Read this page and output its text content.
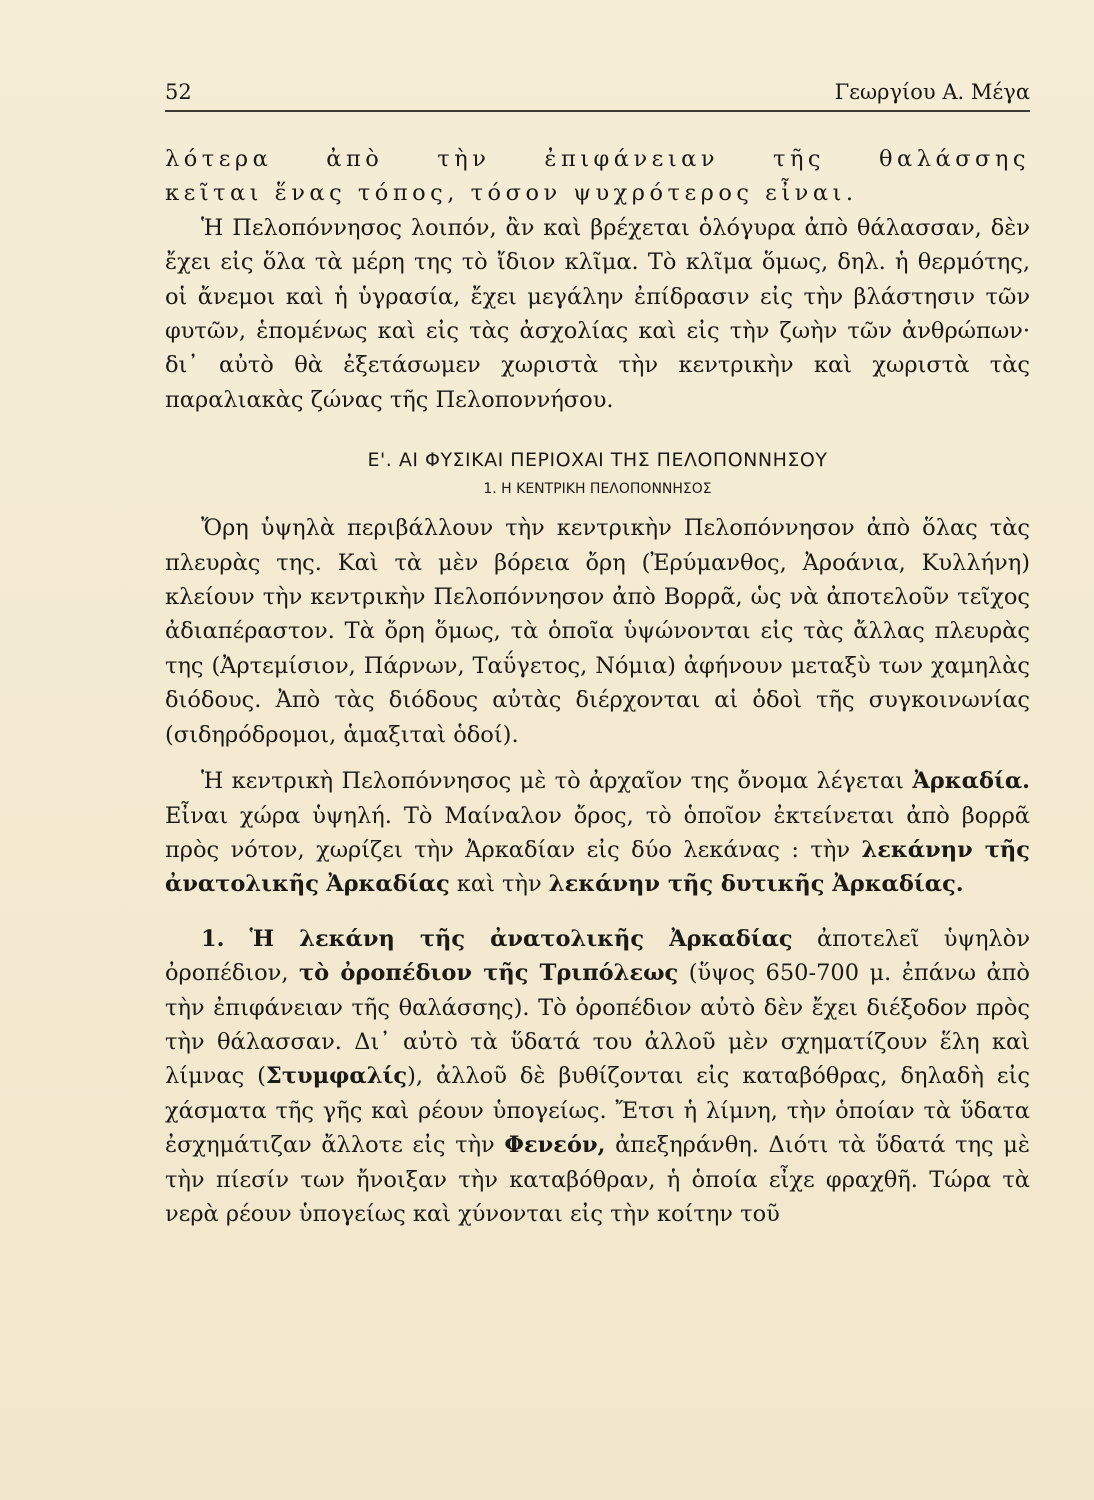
52	Γεωργίου Α. Μέγα

λότερα ἀπὸ τὴν ἐπιφάνειαν τῆς θαλάσσης

κεῖται ἕνας τόπος, τόσον ψυχρότερος εἶναι.

Ἡ Πελοπόννησος λοιπόν, ἂν καὶ βρέχεται ὁλόγυρα ἀπὸ θάλασσαν, δὲν ἔχει εἰς ὅλα τὰ μέρη της τὸ ἴδιον κλῖμα. Τὸ κλῖμα ὅμως, δηλ. ἡ θερμότης, οἱ ἄνεμοι καὶ ἡ ὑγρασία, ἔχει μεγάλην ἐπίδρασιν εἰς τὴν βλάστησιν τῶν φυτῶν, ἑπομένως καὶ εἰς τὰς ἀσχολίας καὶ εἰς τὴν ζωὴν τῶν ἀνθρώπων· δι᾿ αὐτὸ θὰ ἐξετάσωμεν χωριστὰ τὴν κεντρικὴν καὶ χωριστὰ τὰς παραλιακὰς ζώνας τῆς Πελοποννήσου.

Ε'. ΑΙ ΦΥΣΙΚΑΙ ΠΕΡΙΟΧΑΙ ΤΗΣ ΠΕΛΟΠΟΝΝΗΣΟΥ
1. Η ΚΕΝΤΡΙΚΗ ΠΕΛΟΠΟΝΝΗΣΟΣ

Ὄρη ὑψηλὰ περιβάλλουν τὴν κεντρικὴν Πελοπόννησον ἀπὸ ὅλας τὰς πλευρὰς της. Καὶ τὰ μὲν βόρεια ὄρη (Ἐρύμανθος, Ἀροάνια, Κυλλήνη) κλείουν τὴν κεντρικὴν Πελοπόννησον ἀπὸ Βορρᾶ, ὡς νὰ ἀποτελοῦν τεῖχος ἀδιαπέραστον. Τὰ ὄρη ὅμως, τὰ ὁποῖα ὑψώνονται εἰς τὰς ἄλλας πλευρὰς της (Ἀρτεμίσιον, Πάρνων, Ταΰγετος, Νόμια) ἀφήνουν μεταξὺ των χαμηλὰς διόδους. Ἀπὸ τὰς διόδους αὐτὰς διέρχονται αἱ ὁδοὶ τῆς συγκοινωνίας (σιδηρόδρομοι, ἁμαξιταὶ ὁδοί).

Ἡ κεντρικὴ Πελοπόννησος μὲ τὸ ἀρχαῖον της ὄνομα λέγεται Ἀρκαδία. Εἶναι χώρα ὑψηλή. Τὸ Μαίναλον ὄρος, τὸ ὁποῖον ἐκτείνεται ἀπὸ βορρᾶ πρὸς νότον, χωρίζει τὴν Ἀρκαδίαν εἰς δύο λεκάνας : τὴν λεκάνην τῆς ἀνατολικῆς Ἀρκαδίας καὶ τὴν λεκάνην τῆς δυτικῆς Ἀρκαδίας.

1. Ἡ λεκάνη τῆς ἀνατολικῆς Ἀρκαδίας ἀποτελεῖ ὑψηλὸν ὀροπέδιον, τὸ ὀροπέδιον τῆς Τριπόλεως (ὕψος 650-700 μ. ἐπάνω ἀπὸ τὴν ἐπιφάνειαν τῆς θαλάσσης). Τὸ ὀροπέδιον αὐτὸ δὲν ἔχει διέξοδον πρὸς τὴν θάλασσαν. Δι᾿ αὐτὸ τὰ ὕδατά του ἀλλοῦ μὲν σχηματίζουν ἕλη καὶ λίμνας (Στυμφαλίς), ἀλλοῦ δὲ βυθίζονται εἰς καταβόθρας, δηλαδὴ εἰς χάσματα τῆς γῆς καὶ ρέουν ὑπογείως. Ἔτσι ἡ λίμνη, τὴν ὁποίαν τὰ ὕδατα ἐσχημάτιζαν ἄλλοτε εἰς τὴν Φενεόν, ἀπεξηράνθη. Διότι τὰ ὕδατά της μὲ τὴν πίεσίν των ἤνοιξαν τὴν καταβόθραν, ἡ ὁποία εἶχε φραχθῆ. Τώρα τὰ νερὰ ρέουν ὑπογείως καὶ χύνονται εἰς τὴν κοίτην τοῦ
